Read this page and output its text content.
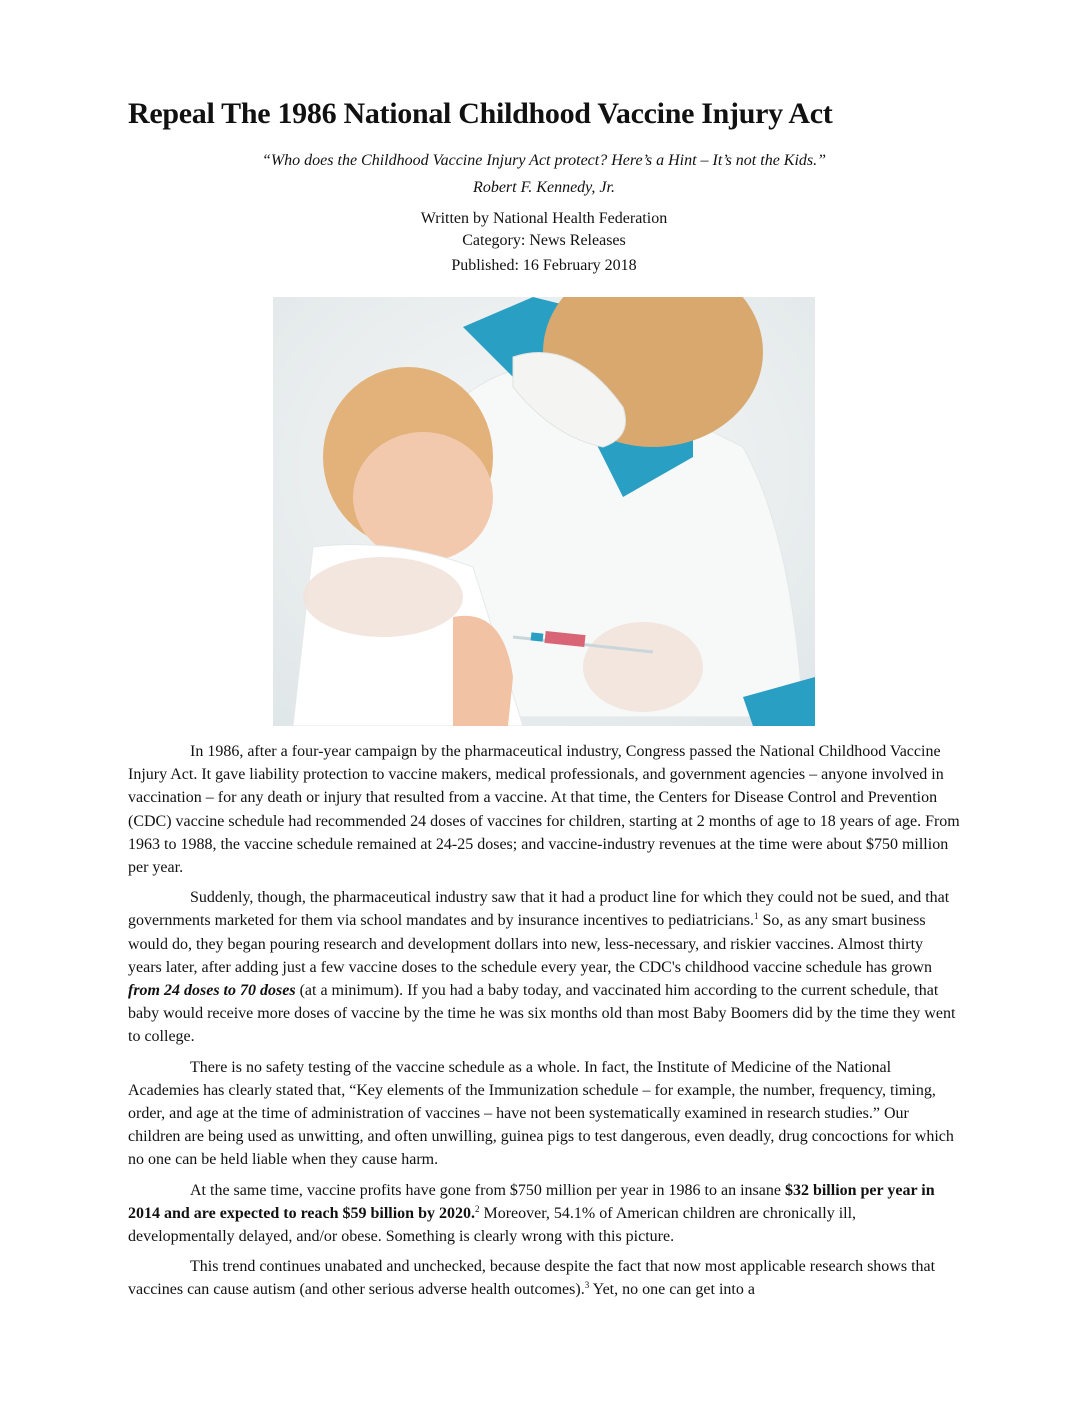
Repeal The 1986 National Childhood Vaccine Injury Act
“Who does the Childhood Vaccine Injury Act protect? Here’s a Hint – It’s not the Kids.”
Robert F. Kennedy, Jr.
Written by National Health Federation
Category: News Releases
Published: 16 February 2018

In 1986, after a four-year campaign by the pharmaceutical industry, Congress passed the National Childhood Vaccine Injury Act. It gave liability protection to vaccine makers, medical professionals, and government agencies – anyone involved in vaccination – for any death or injury that resulted from a vaccine. At that time, the Centers for Disease Control and Prevention (CDC) vaccine schedule had recommended 24 doses of vaccines for children, starting at 2 months of age to 18 years of age. From 1963 to 1988, the vaccine schedule remained at 24-25 doses; and vaccine-industry revenues at the time were about $750 million per year.

Suddenly, though, the pharmaceutical industry saw that it had a product line for which they could not be sued, and that governments marketed for them via school mandates and by insurance incentives to pediatricians.$^1$ So, as any smart business would do, they began pouring research and development dollars into new, less-necessary, and riskier vaccines. Almost thirty years later, after adding just a few vaccine doses to the schedule every year, the CDC's childhood vaccine schedule has grown from 24 doses to 70 doses (at a minimum). If you had a baby today, and vaccinated him according to the current schedule, that baby would receive more doses of vaccine by the time he was six months old than most Baby Boomers did by the time they went to college.

There is no safety testing of the vaccine schedule as a whole. In fact, the Institute of Medicine of the National Academies has clearly stated that, “Key elements of the Immunization schedule – for example, the number, frequency, timing, order, and age at the time of administration of vaccines – have not been systematically examined in research studies.” Our children are being used as unwitting, and often unwilling, guinea pigs to test dangerous, even deadly, drug concoctions for which no one can be held liable when they cause harm.

At the same time, vaccine profits have gone from $750 million per year in 1986 to an insane $32 billion per year in 2014 and are expected to reach $59 billion by 2020.$^2$ Moreover, 54.1% of American children are chronically ill, developmentally delayed, and/or obese. Something is clearly wrong with this picture.

This trend continues unabated and unchecked, because despite the fact that now most applicable research shows that vaccines can cause autism (and other serious adverse health outcomes).$^3$ Yet, no one can get into a
